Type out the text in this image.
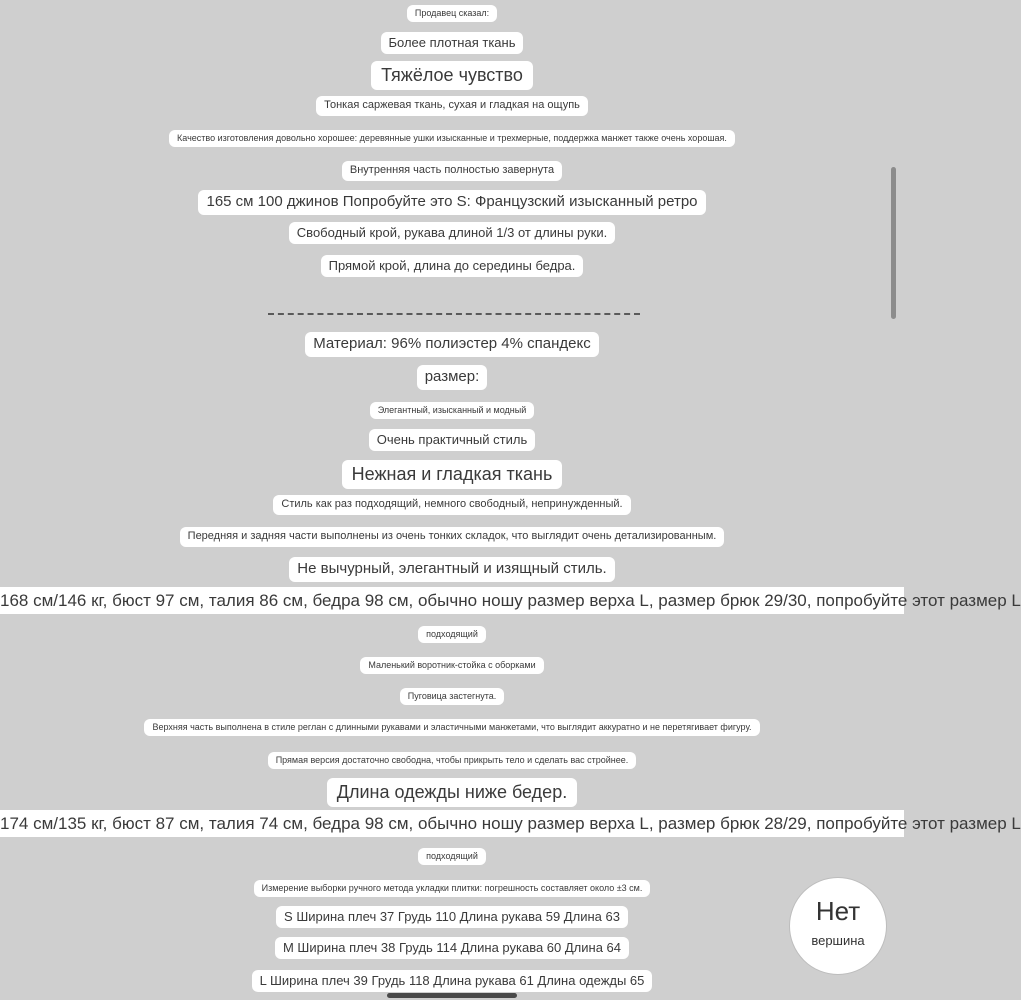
Продавец сказал:
Более плотная ткань
Тяжёлое чувство
Тонкая саржевая ткань, сухая и гладкая на ощупь
Качество изготовления довольно хорошее: деревянные ушки изысканные и трехмерные, поддержка манжет также очень хорошая.
Внутренняя часть полностью завернута
165 см 100 джинов Попробуйте это S: Французский изысканный ретро
Свободный крой, рукава длиной 1/3 от длины руки.
Прямой крой, длина до середины бедра.
Материал: 96% полиэстер 4% спандекс
размер:
Элегантный, изысканный и модный
Очень практичный стиль
Нежная и гладкая ткань
Стиль как раз подходящий, немного свободный, непринужденный.
Передняя и задняя части выполнены из очень тонких складок, что выглядит очень детализированным.
Не вычурный, элегантный и изящный стиль.
168 см/146 кг, бюст 97 см, талия 86 см, бедра 98 см, обычно ношу размер верха L, размер брюк 29/30, попробуйте этот размер L
подходящий
Маленький воротник-стойка с оборками
Пуговица застегнута.
Верхняя часть выполнена в стиле реглан с длинными рукавами и эластичными манжетами, что выглядит аккуратно и не перетягивает фигуру.
Прямая версия достаточно свободна, чтобы прикрыть тело и сделать вас стройнее.
Длина одежды ниже бедер.
174 см/135 кг, бюст 87 см, талия 74 см, бедра 98 см, обычно ношу размер верха L, размер брюк 28/29, попробуйте этот размер L
подходящий
Измерение выборки ручного метода укладки плитки: погрешность составляет около ±3 см.
S Ширина плеч 37 Грудь 110 Длина рукава 59 Длина 63
M Ширина плеч 38 Грудь 114 Длина рукава 60 Длина 64
L Ширина плеч 39 Грудь 118 Длина рукава 61 Длина одежды 65
Нет
вершина
